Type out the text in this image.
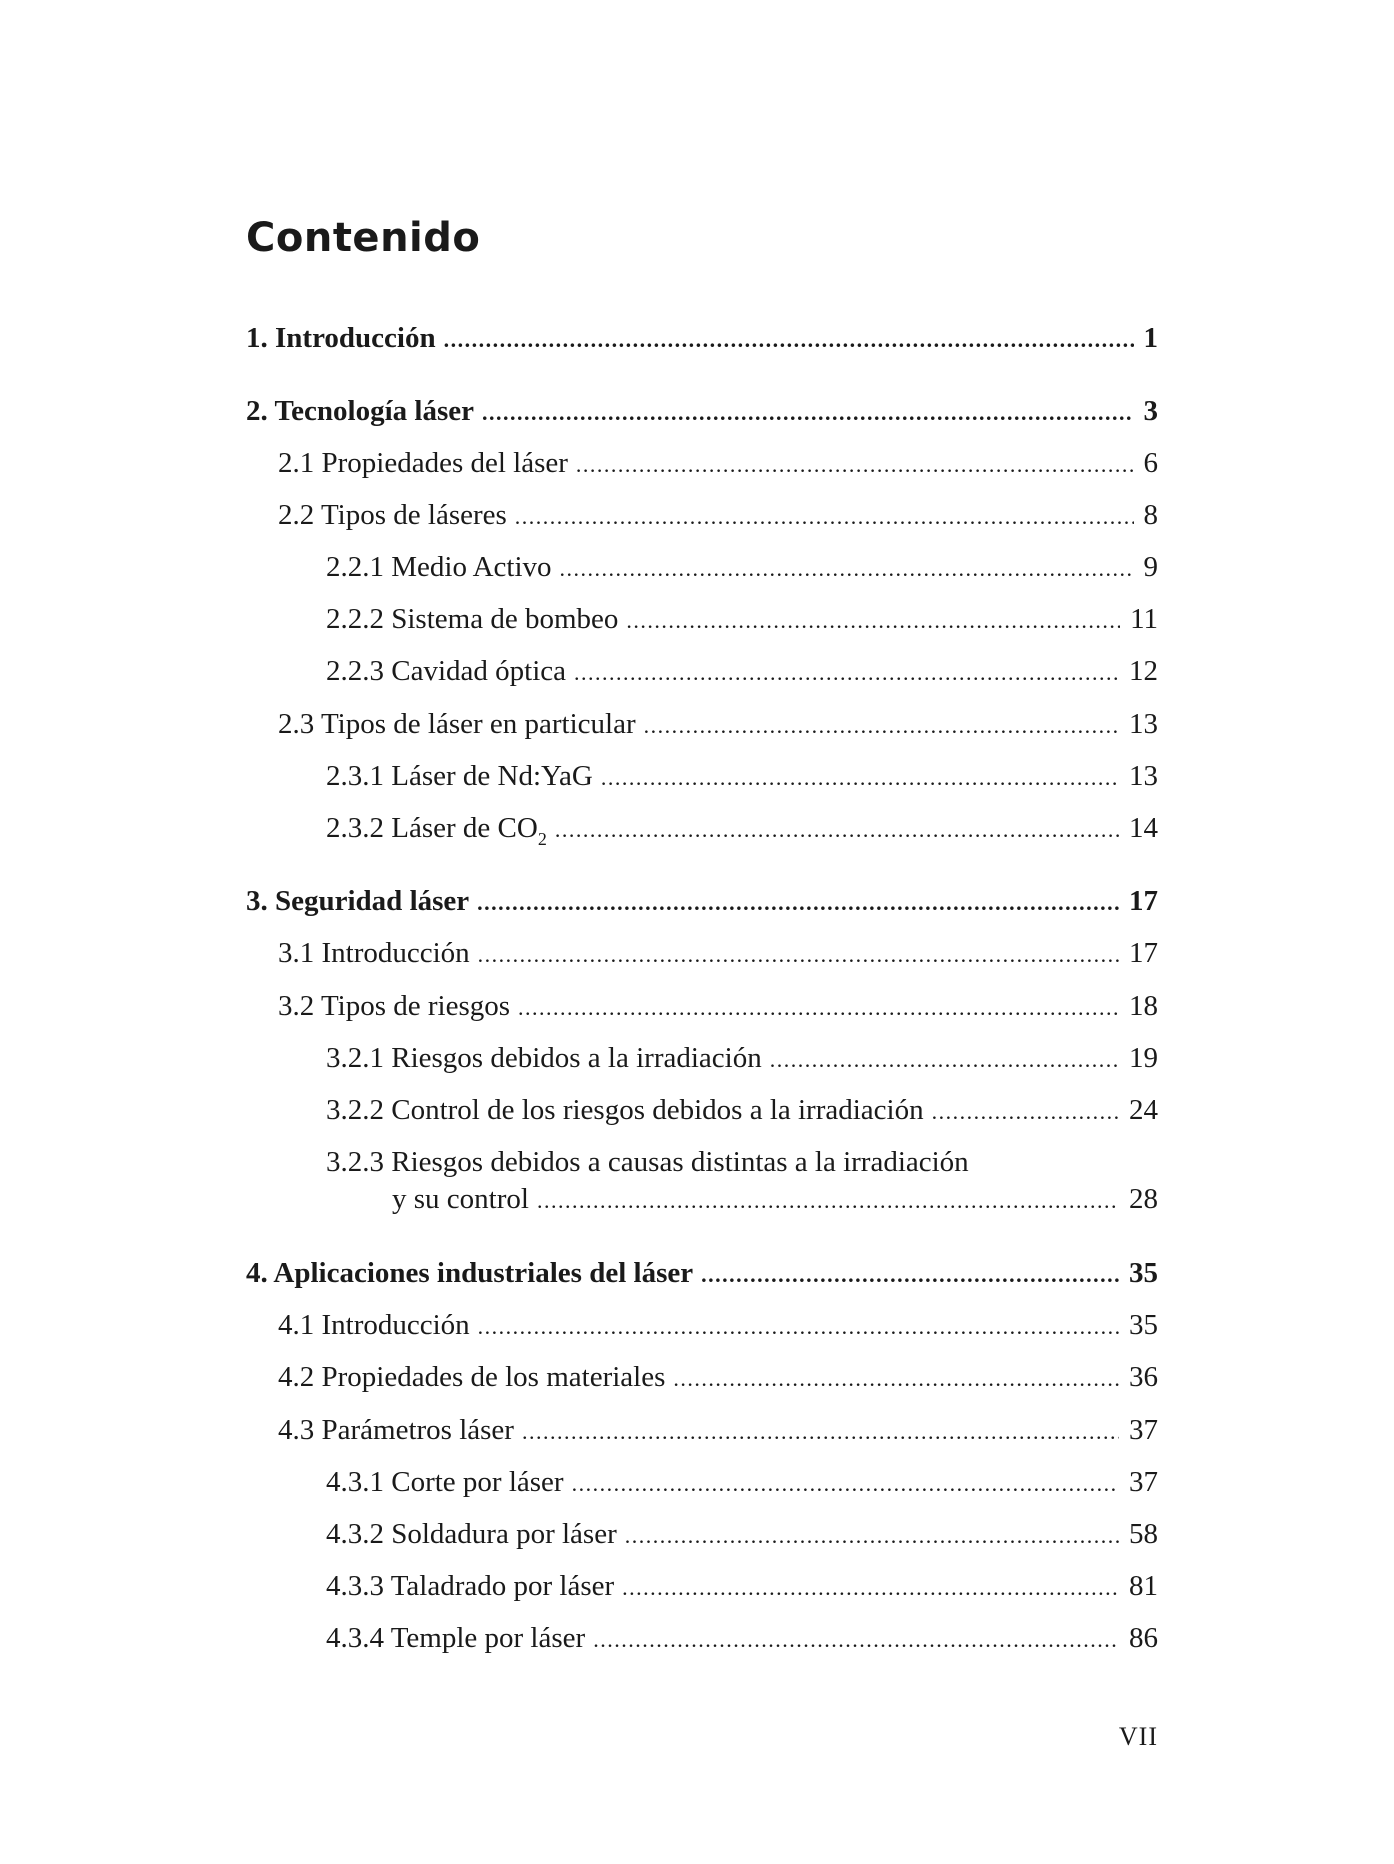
Contenido
1. Introducción .....	1
2. Tecnología láser .....	3
2.1 Propiedades del láser .....	6
2.2 Tipos de láseres .....	8
2.2.1 Medio Activo .....	9
2.2.2 Sistema de bombeo .....	11
2.2.3 Cavidad óptica .....	12
2.3 Tipos de láser en particular .....	13
2.3.1 Láser de Nd:YaG .....	13
2.3.2 Láser de $CO_2$ .....	14
3. Seguridad láser .....	17
3.1 Introducción .....	17
3.2 Tipos de riesgos .....	18
3.2.1 Riesgos debidos a la irradiación .....	19
3.2.2 Control de los riesgos debidos a la irradiación .....	24
3.2.3 Riesgos debidos a causas distintas a la irradiación
y su control .....	28
4. Aplicaciones industriales del láser .....	35
4.1 Introducción .....	35
4.2 Propiedades de los materiales .....	36
4.3 Parámetros láser .....	37
4.3.1 Corte por láser .....	37
4.3.2 Soldadura por láser .....	58
4.3.3 Taladrado por láser .....	81
4.3.4 Temple por láser .....	86
VII
